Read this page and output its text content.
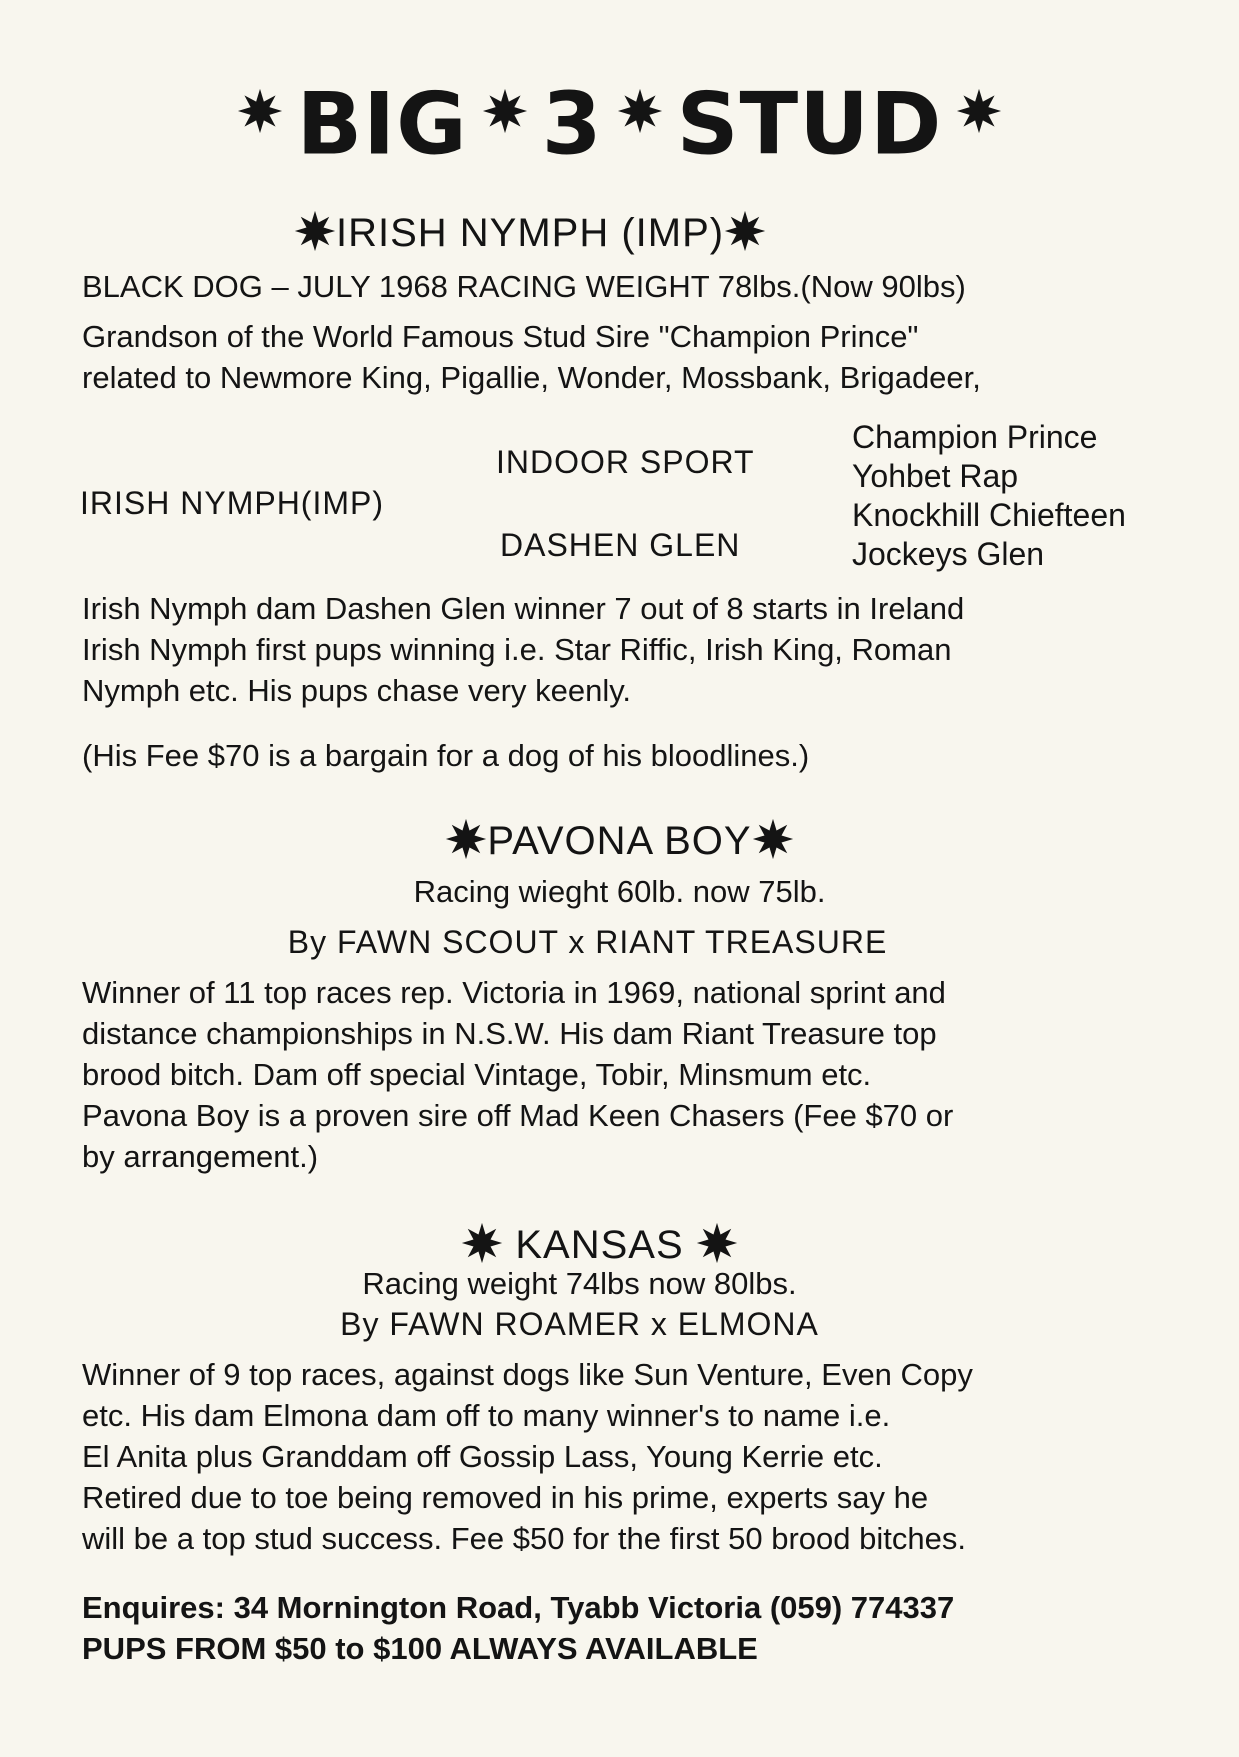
BIG 3 STUD
IRISH NYMPH (IMP)
BLACK DOG – JULY 1968 RACING WEIGHT 78lbs.(Now 90lbs)
Grandson of the World Famous Stud Sire "Champion Prince"
related to Newmore King, Pigallie, Wonder, Mossbank, Brigadeer,
IRISH NYMPH(IMP)
INDOOR SPORT
DASHEN GLEN
Champion Prince
Yohbet Rap
Knockhill Chiefteen
Jockeys Glen
Irish Nymph dam Dashen Glen winner 7 out of 8 starts in Ireland
Irish Nymph first pups winning i.e. Star Riffic, Irish King, Roman
Nymph etc. His pups chase very keenly.
(His Fee $70 is a bargain for a dog of his bloodlines.)
PAVONA BOY
Racing wieght 60lb. now 75lb.
By FAWN SCOUT x RIANT TREASURE
Winner of 11 top races rep. Victoria in 1969, national sprint and
distance championships in N.S.W. His dam Riant Treasure top
brood bitch. Dam off special Vintage, Tobir, Minsmum etc.
Pavona Boy is a proven sire off Mad Keen Chasers (Fee $70 or
by arrangement.)
KANSAS
Racing weight 74lbs now 80lbs.
By FAWN ROAMER x ELMONA
Winner of 9 top races, against dogs like Sun Venture, Even Copy
etc. His dam Elmona dam off to many winner's to name i.e.
El Anita plus Granddam off Gossip Lass, Young Kerrie etc.
Retired due to toe being removed in his prime, experts say he
will be a top stud success. Fee $50 for the first 50 brood bitches.
Enquires: 34 Mornington Road, Tyabb Victoria (059) 774337
PUPS FROM $50 to $100 ALWAYS AVAILABLE
